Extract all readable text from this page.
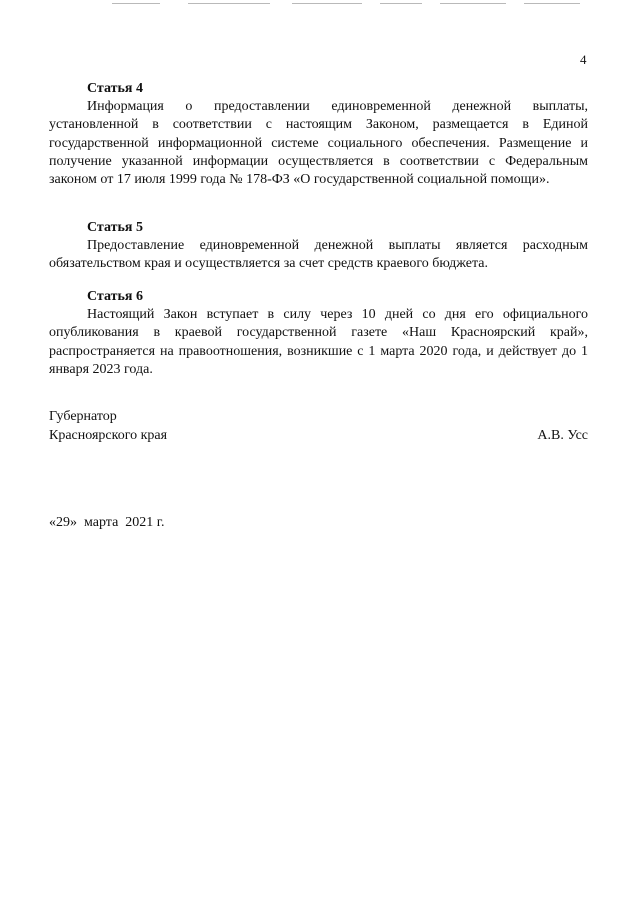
4

Статья 4

Информация о предоставлении единовременной денежной выплаты, установленной в соответствии с настоящим Законом, размещается в Единой государственной информационной системе социального обеспечения. Размещение и получение указанной информации осуществляется в соответствии с Федеральным законом от 17 июля 1999 года № 178-ФЗ «О государственной социальной помощи».

Статья 5

Предоставление единовременной денежной выплаты является расходным обязательством края и осуществляется за счет средств краевого бюджета.

Статья 6

Настоящий Закон вступает в силу через 10 дней со дня его официального опубликования в краевой государственной газете «Наш Красноярский край», распространяется на правоотношения, возникшие с 1 марта 2020 года, и действует до 1 января 2023 года.

Губернатор
Красноярского края	А.В. Усс
«29»  марта  2021 г.
